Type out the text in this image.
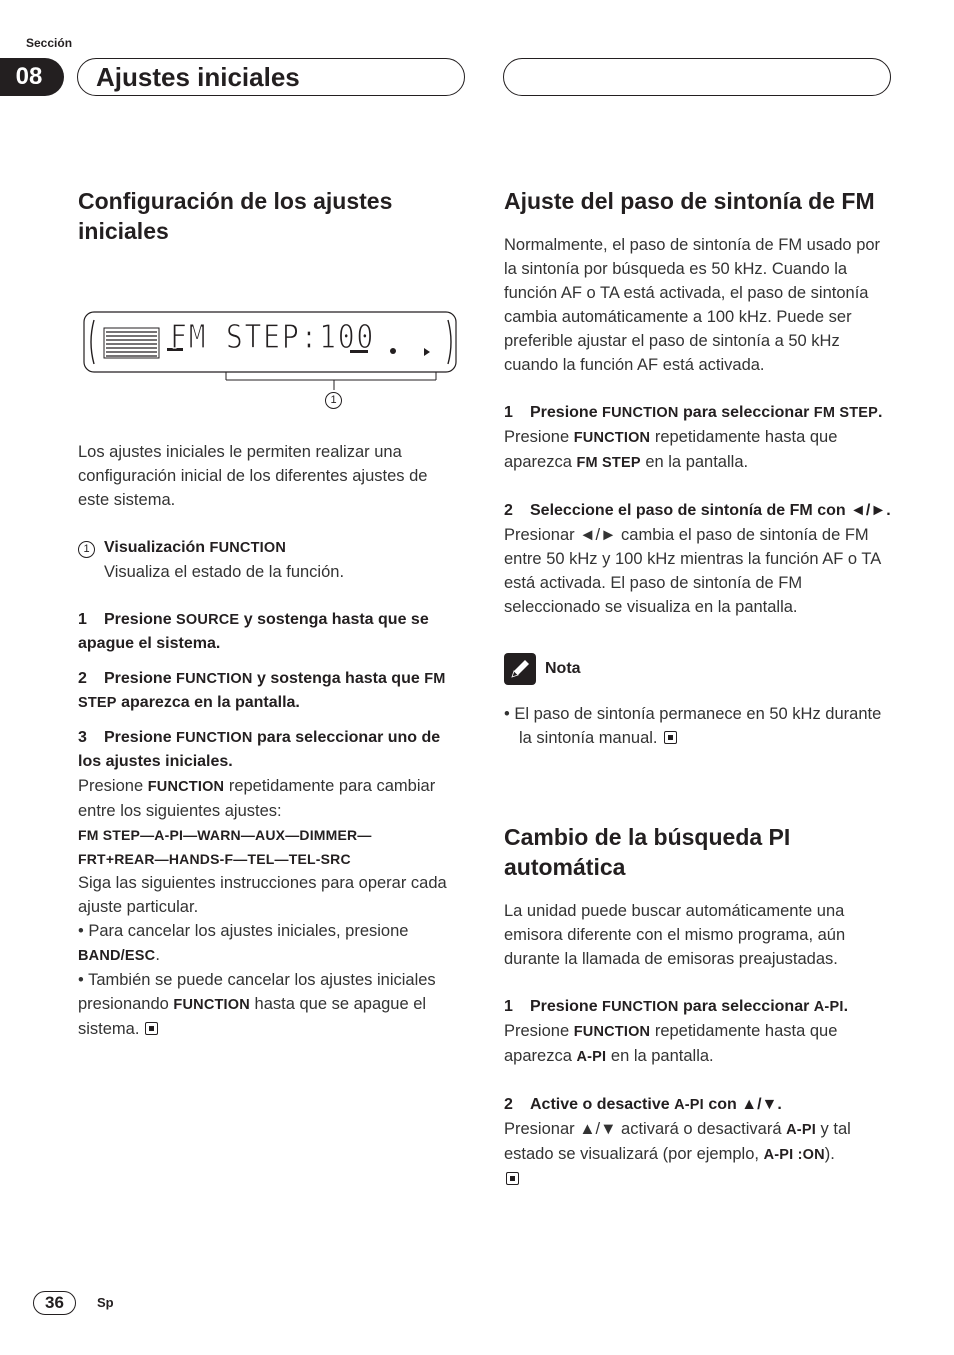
Sección
08	Ajustes iniciales
Configuración de los ajustes iniciales
FM STEP:100
1

Los ajustes iniciales le permiten realizar una configuración inicial de los diferentes ajustes de este sistema.

1 Visualización FUNCTION

Visualiza el estado de la función.

1 Presione SOURCE y sostenga hasta que se apague el sistema.
2 Presione FUNCTION y sostenga hasta que FM STEP aparezca en la pantalla.
3 Presione FUNCTION para seleccionar uno de los ajustes iniciales.

Presione FUNCTION repetidamente para cambiar entre los siguientes ajustes:

FM STEP—A-PI—WARN—AUX—DIMMER—

FRT+REAR—HANDS-F—TEL—TEL-SRC

Siga las siguientes instrucciones para operar cada ajuste particular.

• Para cancelar los ajustes iniciales, presione BAND/ESC.

• También se puede cancelar los ajustes iniciales presionando FUNCTION hasta que se apague el sistema.

Ajuste del paso de sintonía de FM

Normalmente, el paso de sintonía de FM usado por la sintonía por búsqueda es 50 kHz. Cuando la función AF o TA está activada, el paso de sintonía cambia automáticamente a 100 kHz. Puede ser preferible ajustar el paso de sintonía a 50 kHz cuando la función AF está activada.

1 Presione FUNCTION para seleccionar FM STEP.

Presione FUNCTION repetidamente hasta que aparezca FM STEP en la pantalla.

2 Seleccione el paso de sintonía de FM con ◄/►.

Presionar ◄/► cambia el paso de sintonía de FM entre 50 kHz y 100 kHz mientras la función AF o TA está activada. El paso de sintonía de FM seleccionado se visualiza en la pantalla.

Nota

• El paso de sintonía permanece en 50 kHz durante la sintonía manual.

Cambio de la búsqueda PI automática

La unidad puede buscar automáticamente una emisora diferente con el mismo programa, aún durante la llamada de emisoras preajustadas.

1 Presione FUNCTION para seleccionar A-PI.

Presione FUNCTION repetidamente hasta que aparezca A-PI en la pantalla.

2 Active o desactive A-PI con ▲/▼.

Presionar ▲/▼ activará o desactivará A-PI y tal estado se visualizará (por ejemplo, A-PI :ON).

36	Sp
